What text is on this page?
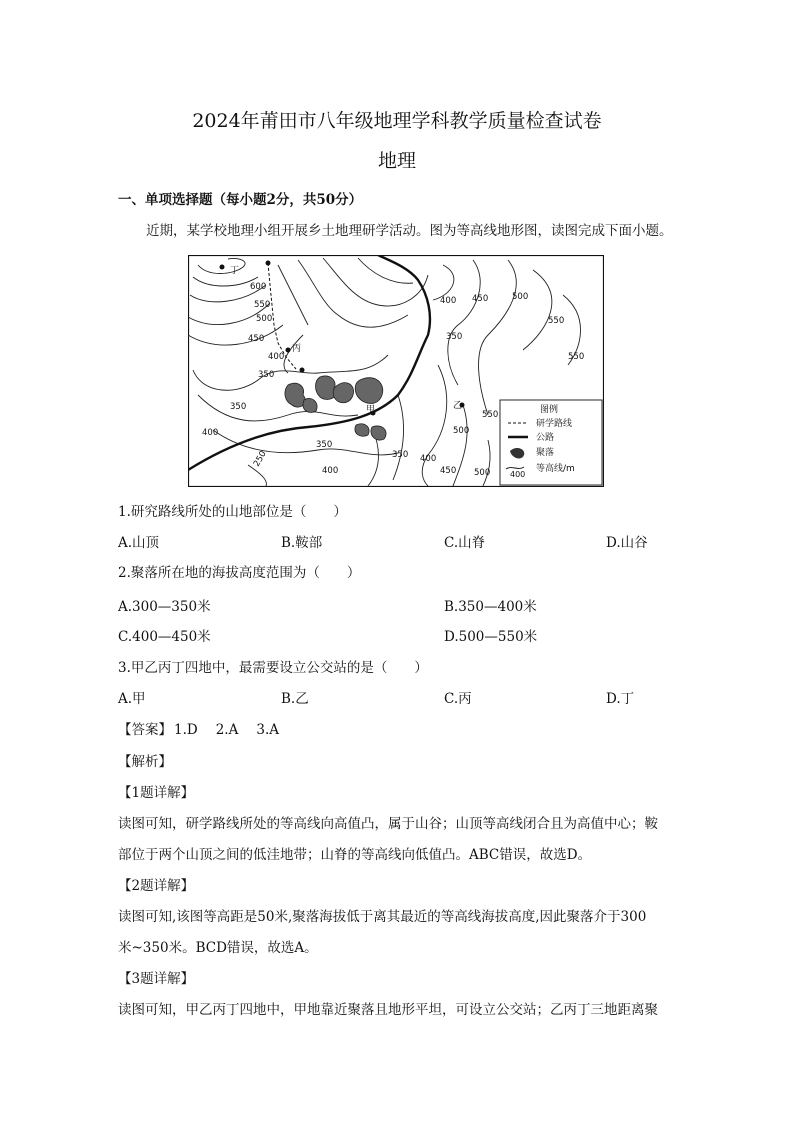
2024年莆田市八年级地理学科教学质量检查试卷
地理
一、单项选择题（每小题2分，共50分）
近期，某学校地理小组开展乡土地理研学活动。图为等高线地形图，读图完成下面小题。
丁
丙
甲	乙
600
550
500
450
400
350
350
400
350
350 400
400
350
500
450
500
550
550
400 450	500
550
250
图例
研学路线
公路
聚落
400
等高线/m
1.研究路线所处的山地部位是（　　）
A.山顶	B.鞍部	C.山脊	D.山谷
2.聚落所在地的海拔高度范围为（　　）
A.300—350米	B.350—400米
C.400—450米	D.500—550米
3.甲乙丙丁四地中，最需要设立公交站的是（　　）
A.甲	B.乙	C.丙	D.丁
【答案】 1.D 2.A 3.A
【解析】
【1题详解】
读图可知，研学路线所处的等高线向高值凸，属于山谷；山顶等高线闭合且为高值中心；鞍
部位于两个山顶之间的低洼地带；山脊的等高线向低值凸。ABC错误，故选D。
【2题详解】
读图可知,该图等高距是50米,聚落海拔低于离其最近的等高线海拔高度,因此聚落介于300
米~350米。BCD错误，故选A。
【3题详解】
读图可知，甲乙丙丁四地中，甲地靠近聚落且地形平坦，可设立公交站；乙丙丁三地距离聚
